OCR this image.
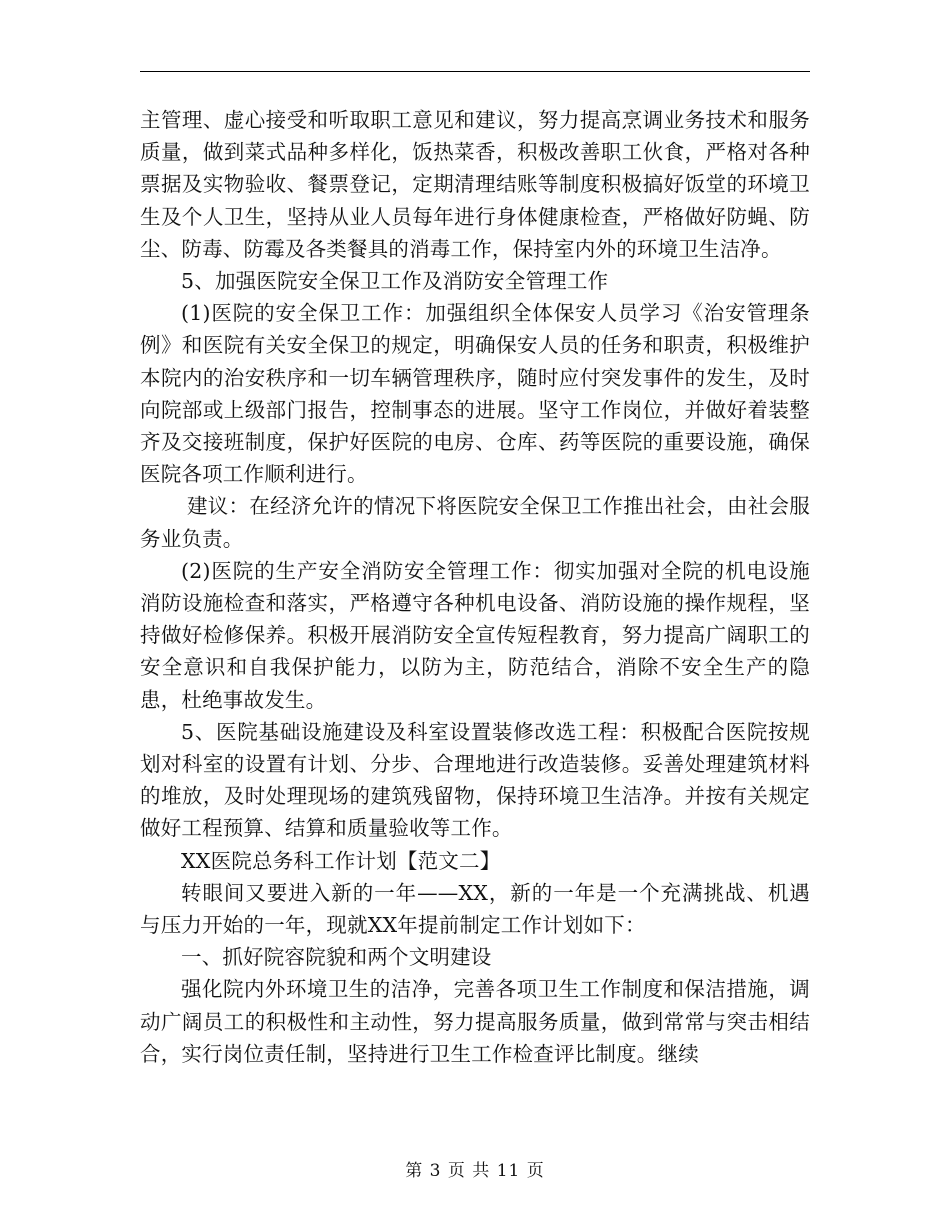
主管理、虚心接受和听取职工意见和建议，努力提高烹调业务技术和服务质量，做到菜式品种多样化，饭热菜香，积极改善职工伙食，严格对各种票据及实物验收、餐票登记，定期清理结账等制度积极搞好饭堂的环境卫生及个人卫生，坚持从业人员每年进行身体健康检查，严格做好防蝇、防尘、防毒、防霉及各类餐具的消毒工作，保持室内外的环境卫生洁净。

5、加强医院安全保卫工作及消防安全管理工作

(1)医院的安全保卫工作：加强组织全体保安人员学习《治安管理条例》和医院有关安全保卫的规定，明确保安人员的任务和职责，积极维护本院内的治安秩序和一切车辆管理秩序，随时应付突发事件的发生，及时向院部或上级部门报告，控制事态的进展。坚守工作岗位，并做好着装整齐及交接班制度，保护好医院的电房、仓库、药等医院的重要设施，确保医院各项工作顺利进行。

建议：在经济允许的情况下将医院安全保卫工作推出社会，由社会服务业负责。

(2)医院的生产安全消防安全管理工作：彻实加强对全院的机电设施消防设施检查和落实，严格遵守各种机电设备、消防设施的操作规程，坚持做好检修保养。积极开展消防安全宣传短程教育，努力提高广阔职工的安全意识和自我保护能力，以防为主，防范结合，消除不安全生产的隐患，杜绝事故发生。

5、医院基础设施建设及科室设置装修改选工程：积极配合医院按规划对科室的设置有计划、分步、合理地进行改造装修。妥善处理建筑材料的堆放，及时处理现场的建筑残留物，保持环境卫生洁净。并按有关规定做好工程预算、结算和质量验收等工作。

XX医院总务科工作计划【范文二】

转眼间又要进入新的一年——XX，新的一年是一个充满挑战、机遇与压力开始的一年，现就XX年提前制定工作计划如下：

一、抓好院容院貌和两个文明建设

强化院内外环境卫生的洁净，完善各项卫生工作制度和保洁措施，调动广阔员工的积极性和主动性，努力提高服务质量，做到常常与突击相结合，实行岗位责任制，坚持进行卫生工作检查评比制度。继续

第 3 页 共 11 页
